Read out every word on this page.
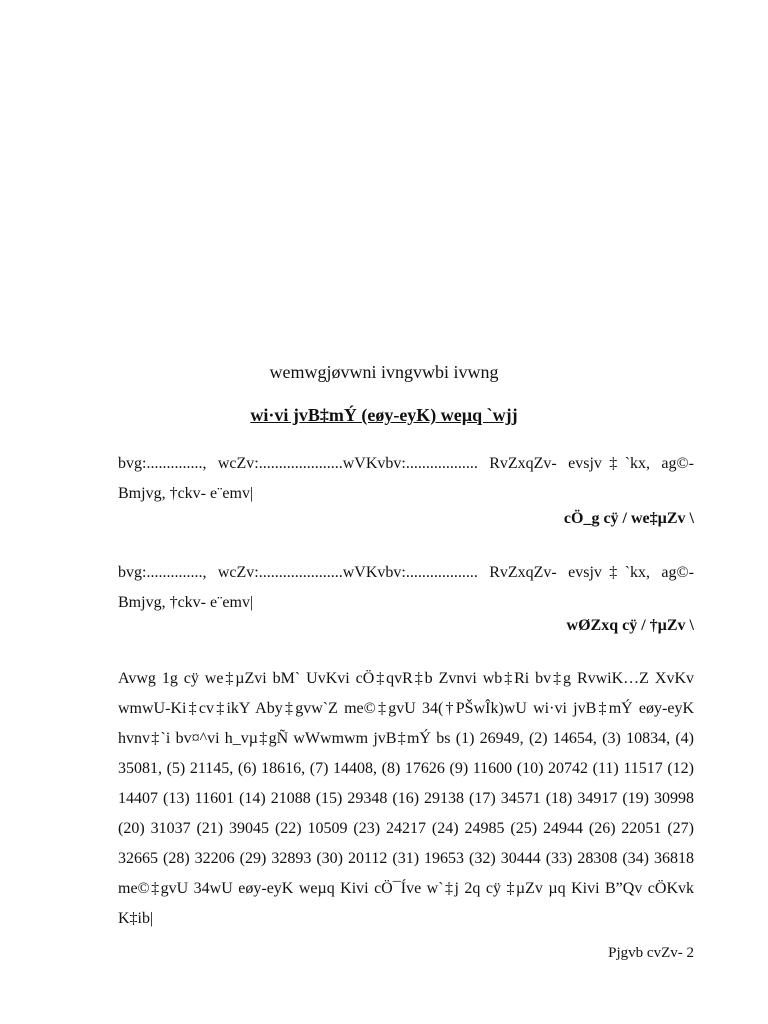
wemwgjøvwni ivngvwbi ivwng
wi·vi jvB‡mÝ (eøy-eyK) weµq `wjj
bvg:.............., wcZv:.....................wVKvbv:.................. RvZxqZv- evsjv‡`kx, ag©- Bmjvg, †ckv- e¨emv|
cÖ_g cÿ / we‡µZv \
bvg:.............., wcZv:.....................wVKvbv:.................. RvZxqZv- evsjv‡`kx, ag©- Bmjvg, †ckv- e¨emv|
wØZxq cÿ / †µZv \
Avwg 1g cÿ we‡µZvi bM` UvKvi cÖ‡qvR‡b Zvnvi wb‡Ri bv‡g RvwiK…Z XvKv wmwU-Ki‡cv‡ikY Aby‡gvw`Z me©‡gvU 34(†PŠwÎk)wU wi·vi jvB‡mÝ eøy-eyK hvnv‡`i bv¤^vi h_vµ‡gÑ wWwmwm jvB‡mÝ bs (1) 26949, (2) 14654, (3) 10834, (4) 35081, (5) 21145, (6) 18616, (7) 14408, (8) 17626 (9) 11600 (10) 20742 (11) 11517 (12) 14407 (13) 11601 (14) 21088 (15) 29348 (16) 29138 (17) 34571 (18) 34917 (19) 30998 (20) 31037 (21) 39045 (22) 10509 (23) 24217 (24) 24985 (25) 24944 (26) 22051 (27) 32665 (28) 32206 (29) 32893 (30) 20112 (31) 19653 (32) 30444 (33) 28308 (34) 36818 me©‡gvU 34wU eøy-eyK weµq Kivi cÖ¯Íve w`‡j 2q cÿ ‡µZv µq Kivi B”Qv cÖKvk K‡ib|
Pjgvb cvZv- 2
